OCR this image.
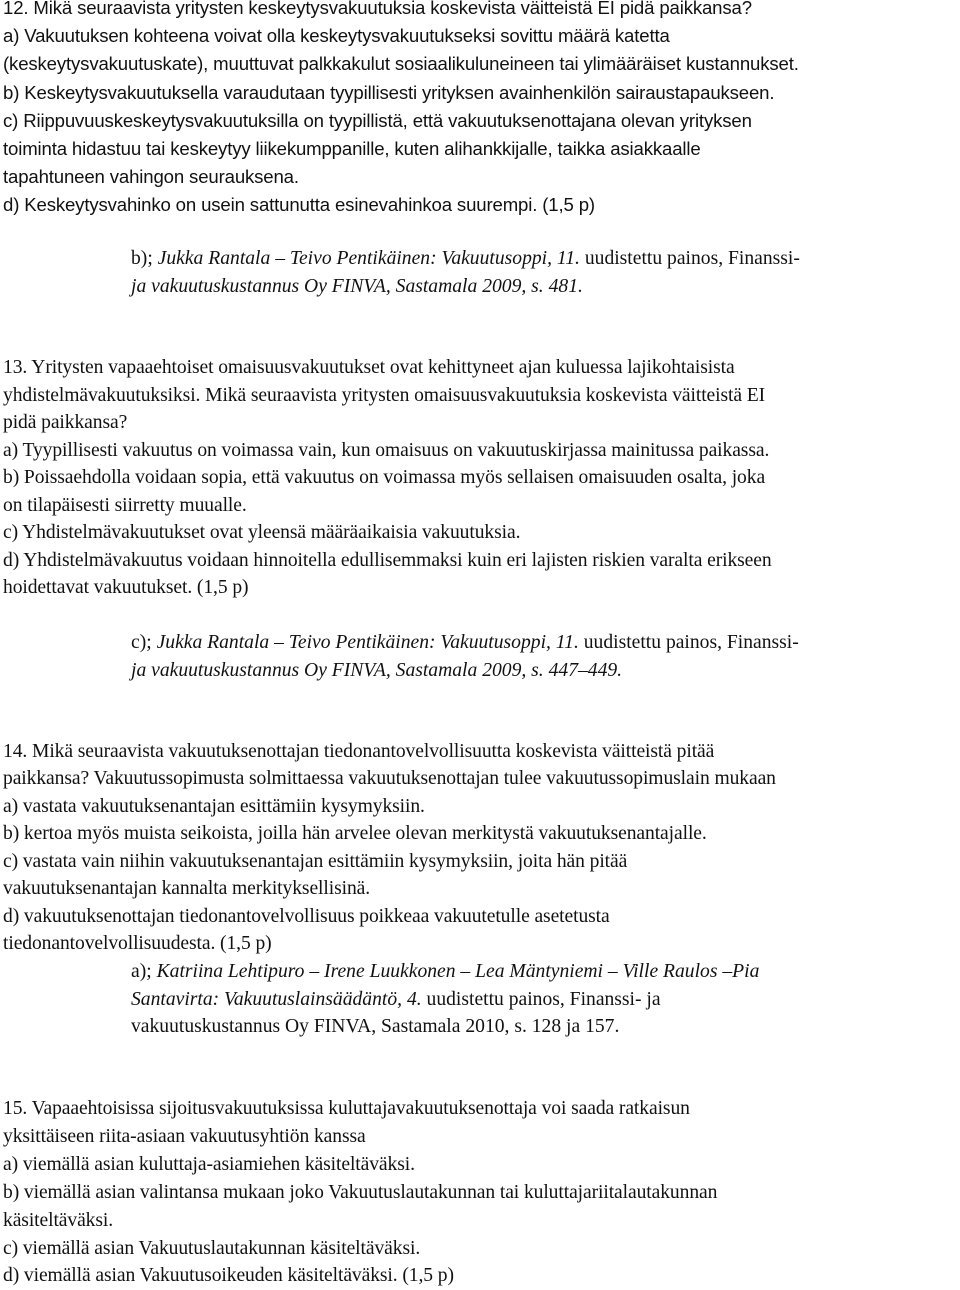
12. Mikä seuraavista yritysten keskeytysvakuutuksia koskevista väitteistä EI pidä paikkansa?
a) Vakuutuksen kohteena voivat olla keskeytysvakuutukseksi sovittu määrä katetta
(keskeytysvakuutuskate), muuttuvat palkkakulut sosiaalikuluneineen tai ylimääräiset kustannukset.
b) Keskeytysvakuutuksella varaudutaan tyypillisesti yrityksen avainhenkilön sairaustapaukseen.
c) Riippuvuuskeskeytysvakuutuksilla on tyypillistä, että vakuutuksenottajana olevan yrityksen
toiminta hidastuu tai keskeytyy liikekumppanille, kuten alihankkijalle, taikka asiakkaalle
tapahtuneen vahingon seurauksena.
d) Keskeytysvahinko on usein sattunutta esinevahinkoa suurempi. (1,5 p)
b); Jukka Rantala – Teivo Pentikäinen: Vakuutusoppi, 11. uudistettu painos, Finanssi-
ja vakuutuskustannus Oy FINVA, Sastamala 2009, s. 481.
13. Yritysten vapaaehtoiset omaisuusvakuutukset ovat kehittyneet ajan kuluessa lajikohtaisista
yhdistelmävakuutuksiksi. Mikä seuraavista yritysten omaisuusvakuutuksia koskevista väitteistä EI
pidä paikkansa?
a) Tyypillisesti vakuutus on voimassa vain, kun omaisuus on vakuutuskirjassa mainitussa paikassa.
b) Poissaehdolla voidaan sopia, että vakuutus on voimassa myös sellaisen omaisuuden osalta, joka
on tilapäisesti siirretty muualle.
c) Yhdistelmävakuutukset ovat yleensä määräaikaisia vakuutuksia.
d) Yhdistelmävakuutus voidaan hinnoitella edullisemmaksi kuin eri lajisten riskien varalta erikseen
hoidettavat vakuutukset. (1,5 p)
c); Jukka Rantala – Teivo Pentikäinen: Vakuutusoppi, 11. uudistettu painos, Finanssi-
ja vakuutuskustannus Oy FINVA, Sastamala 2009, s. 447–449.
14. Mikä seuraavista vakuutuksenottajan tiedonantovelvollisuutta koskevista väitteistä pitää
paikkansa? Vakuutussopimusta solmittaessa vakuutuksenottajan tulee vakuutussopimuslain mukaan
a) vastata vakuutuksenantajan esittämiin kysymyksiin.
b) kertoa myös muista seikoista, joilla hän arvelee olevan merkitystä vakuutuksenantajalle.
c) vastata vain niihin vakuutuksenantajan esittämiin kysymyksiin, joita hän pitää
vakuutuksenantajan kannalta merkityksellisinä.
d) vakuutuksenottajan tiedonantovelvollisuus poikkeaa vakuutetulle asetetusta
tiedonantovelvollisuudesta. (1,5 p)
a); Katriina Lehtipuro – Irene Luukkonen – Lea Mäntyniemi – Ville Raulos –Pia
Santavirta: Vakuutuslainsäädäntö, 4. uudistettu painos, Finanssi- ja
vakuutuskustannus Oy FINVA, Sastamala 2010, s. 128 ja 157.
15. Vapaaehtoisissa sijoitusvakuutuksissa kuluttajavakuutuksenottaja voi saada ratkaisun
yksittäiseen riita-asiaan vakuutusyhtiön kanssa
a) viemällä asian kuluttaja-asiamiehen käsiteltäväksi.
b) viemällä asian valintansa mukaan joko Vakuutuslautakunnan tai kuluttajariitalautakunnan
käsiteltäväksi.
c) viemällä asian Vakuutuslautakunnan käsiteltäväksi.
d) viemällä asian Vakuutusoikeuden käsiteltäväksi. (1,5 p)
